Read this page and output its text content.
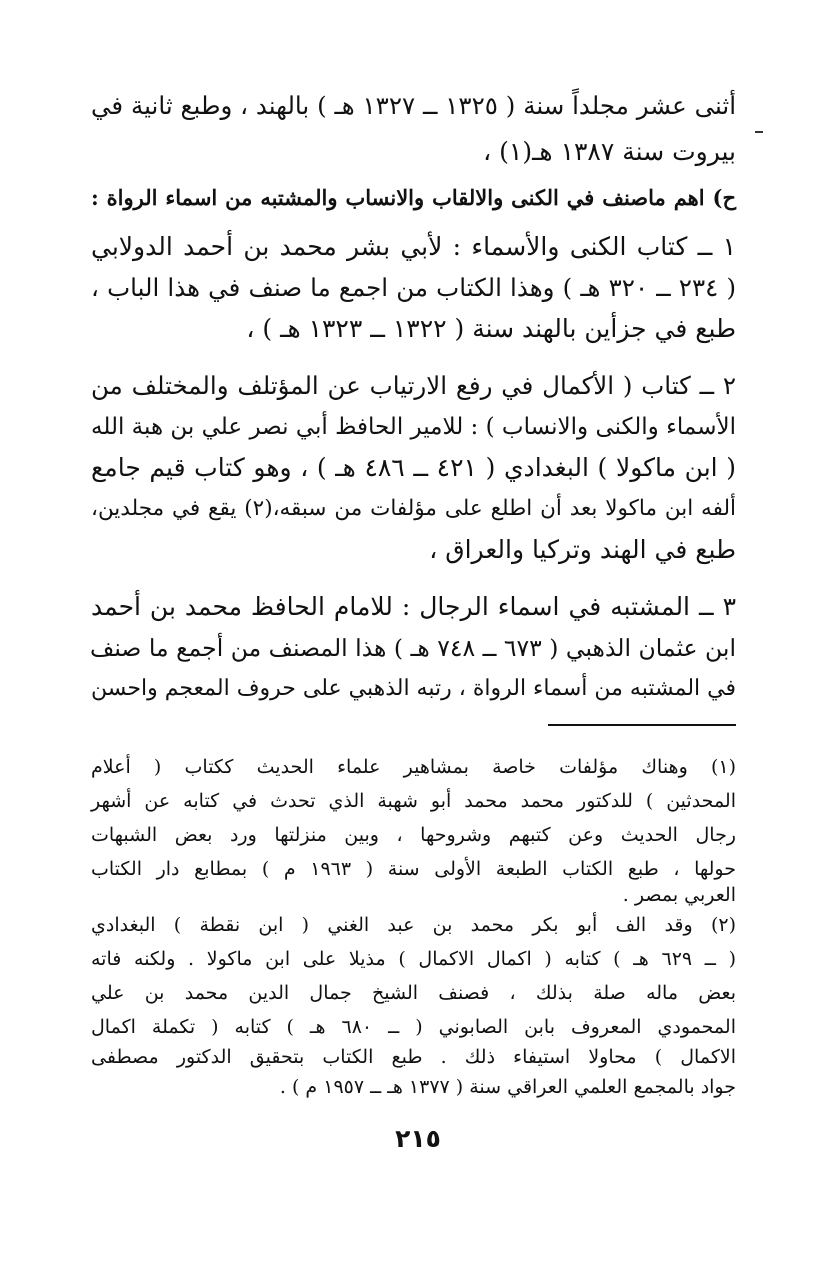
أثنى عشر مجلداً سنة ( ١٣٢٥ ــ ١٣٢٧ هـ ) بالهند ، وطبع ثانية في
بيروت سنة ١٣٨٧ هـ(١) ،
ح) اهم ماصنف في الكنى والالقاب والانساب والمشتبه من اسماء الرواة :
١ ــ كتاب الكنى والأسماء : لأبي بشر محمد بن أحمد الدولابي
( ٢٣٤ ــ ٣٢٠ هـ ) وهذا الكتاب من اجمع ما صنف في هذا الباب ،
طبع في جزأين بالهند سنة ( ١٣٢٢ ــ ١٣٢٣ هـ ) ،
٢ ــ كتاب ( الأكمال في رفع الارتياب عن المؤتلف والمختلف من
الأسماء والكنى والانساب ) : للامير الحافظ أبي نصر علي بن هبة الله
( ابن ماكولا ) البغدادي ( ٤٢١ ــ ٤٨٦ هـ ) ، وهو كتاب قيم جامع
ألفه ابن ماكولا بعد أن اطلع على مؤلفات من سبقه،(٢) يقع في مجلدين،
طبع في الهند وتركيا والعراق ،
٣ ــ المشتبه في اسماء الرجال : للامام الحافظ محمد بن أحمد
ابن عثمان الذهبي ( ٦٧٣ ــ ٧٤٨ هـ ) هذا المصنف من أجمع ما صنف
في المشتبه من أسماء الرواة ، رتبه الذهبي على حروف المعجم واحسن
(١) وهناك مؤلفات خاصة بمشاهير علماء الحديث ككتاب ( أعلام
المحدثين ) للدكتور محمد محمد أبو شهبة الذي تحدث في كتابه عن أشهر
رجال الحديث وعن كتبهم وشروحها ، وبين منزلتها ورد بعض الشبهات
حولها ، طبع الكتاب الطبعة الأولى سنة ( ١٩٦٣ م ) بمطابع دار الكتاب
العربي بمصر .
(٢) وقد الف أبو بكر محمد بن عبد الغني ( ابن نقطة ) البغدادي
( ــ ٦٢٩ هـ ) كتابه ( اكمال الاكمال ) مذيلا على ابن ماكولا . ولكنه فاته
بعض ماله صلة بذلك ، فصنف الشيخ جمال الدين محمد بن علي
المحمودي المعروف بابن الصابوني ( ــ ٦٨٠ هـ ) كتابه ( تكملة اكمال
الاكمال ) محاولا استيفاء ذلك . طبع الكتاب بتحقيق الدكتور مصطفى
جواد بالمجمع العلمي العراقي سنة ( ١٣٧٧ هـ ــ ١٩٥٧ م ) .
٢١٥
